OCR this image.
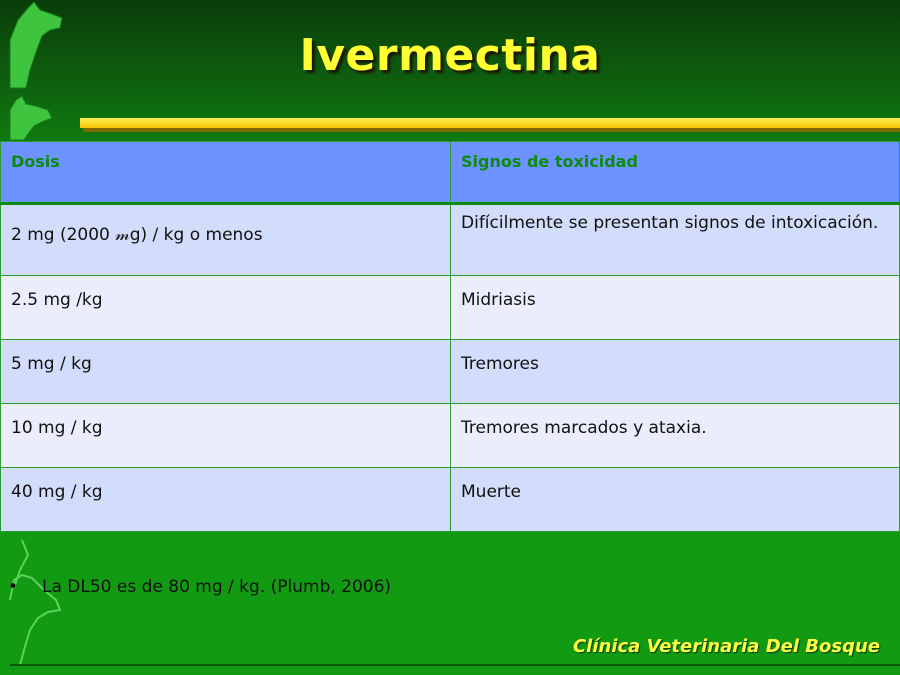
Ivermectina
Dosis	Signos de toxicidad
2 mg (2000 𝓂g) / kg o menos	Difícilmente se presentan signos de intoxicación.
2.5 mg /kg	Midriasis
5 mg / kg	Tremores
10 mg / kg	Tremores marcados y ataxia.
40 mg / kg	Muerte
• La DL50 es de 80 mg / kg. (Plumb, 2006)
Clínica Veterinaria Del Bosque
